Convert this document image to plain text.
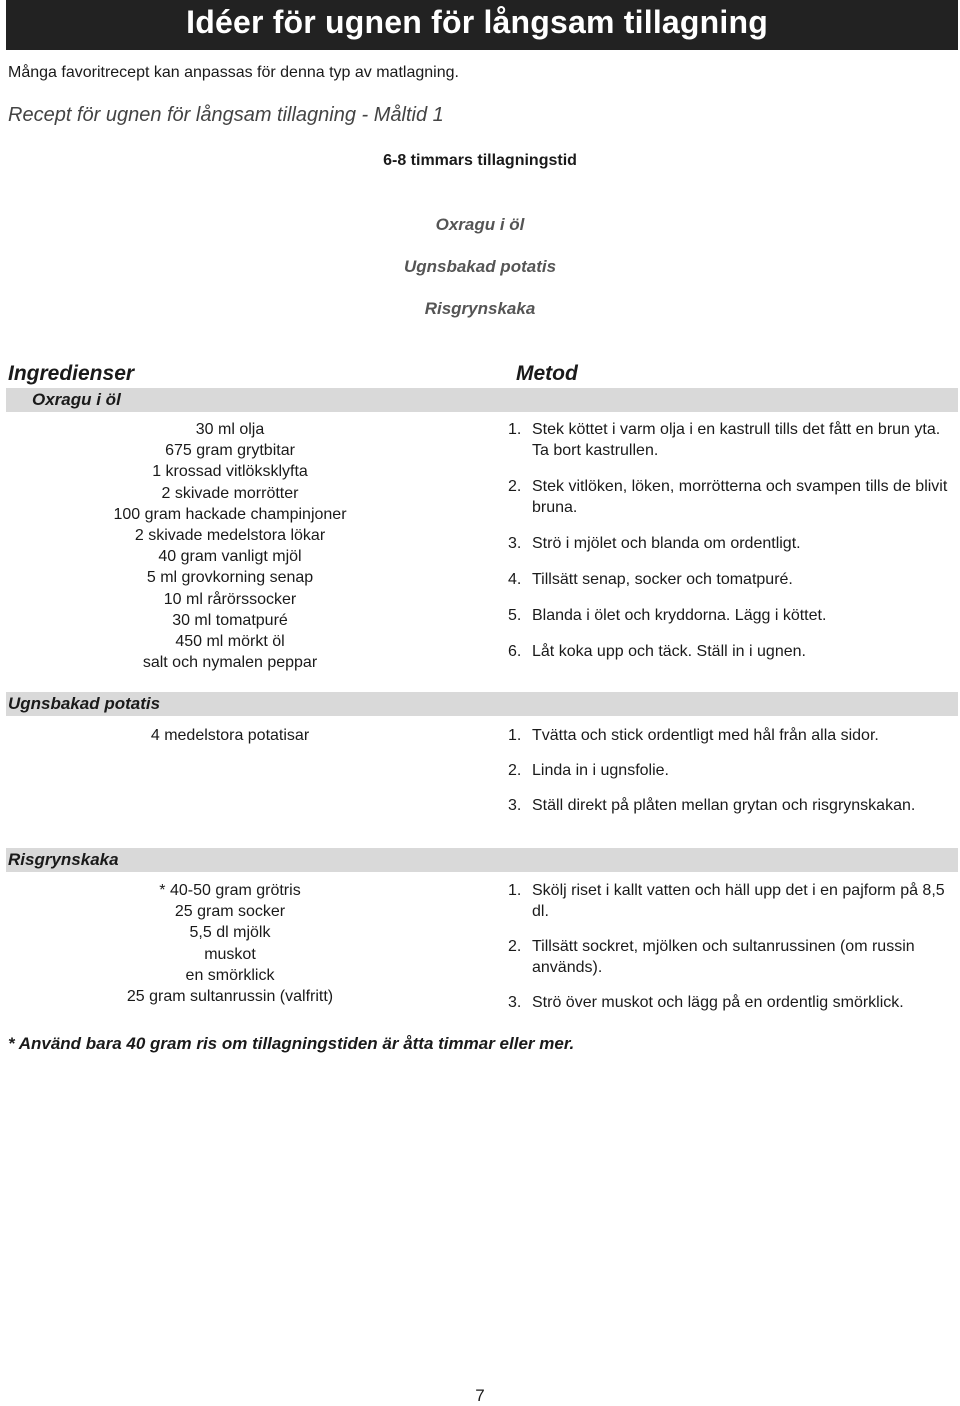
Idéer för ugnen för långsam tillagning
Många favoritrecept kan anpassas för denna typ av matlagning.
Recept för ugnen för långsam tillagning - Måltid 1
6-8 timmars tillagningstid
Oxragu i öl
Ugnsbakad potatis
Risgrynskaka
Ingredienser	Metod
Oxragu i öl
30 ml olja
675 gram grytbitar
1 krossad vitlöksklyfta
2 skivade morrötter
100 gram hackade champinjoner
2 skivade medelstora lökar
40 gram vanligt mjöl
5 ml grovkorning senap
10 ml rårörssocker
30 ml tomatpuré
450 ml mörkt öl
salt och nymalen peppar
1. Stek köttet i varm olja i en kastrull tills det fått en brun yta. Ta bort kastrullen.
2. Stek vitlöken, löken, morrötterna och svampen tills de blivit bruna.
3. Strö i mjölet och blanda om ordentligt.
4. Tillsätt senap, socker och tomatpuré.
5. Blanda i ölet och kryddorna. Lägg i köttet.
6. Låt koka upp och täck. Ställ in i ugnen.
Ugnsbakad potatis
4 medelstora potatisar	1. Tvätta och stick ordentligt med hål från alla sidor.
2. Linda in i ugnsfolie.
3. Ställ direkt på plåten mellan grytan och risgrynskakan.
Risgrynskaka
* 40-50 gram grötris
25 gram socker
5,5 dl mjölk
muskot
en smörklick
25 gram sultanrussin (valfritt)
1. Skölj riset i kallt vatten och häll upp det i en pajform på 8,5 dl.
2. Tillsätt sockret, mjölken och sultanrussinen (om russin används).
3. Strö över muskot och lägg på en ordentlig smörklick.
* Använd bara 40 gram ris om tillagningstiden är åtta timmar eller mer.
7
